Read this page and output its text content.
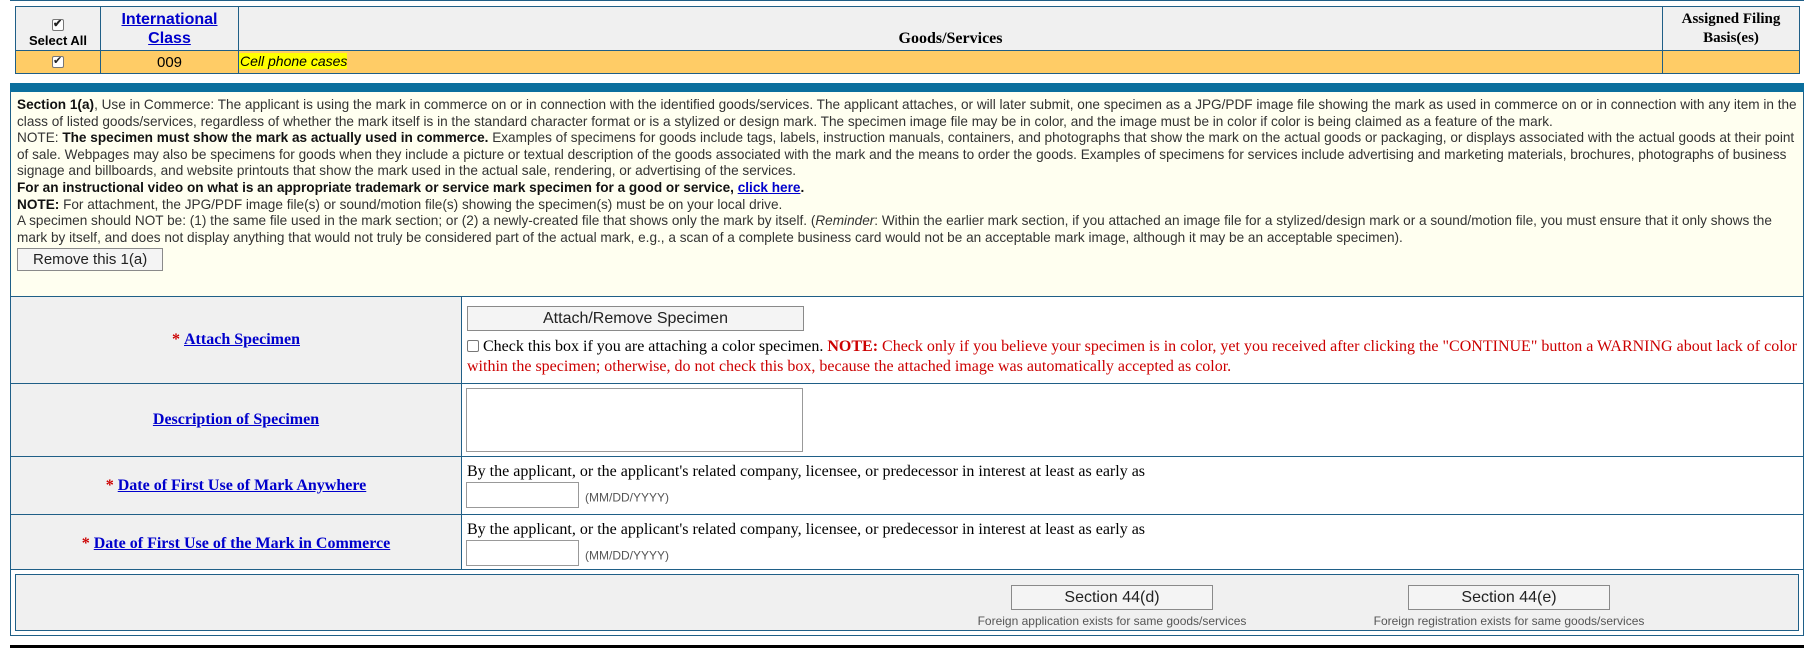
✔
Select All	International Class	Goods/Services	Assigned Filing Basis(es)
✔	009	Cell phone cases	
Section 1(a), Use in Commerce: The applicant is using the mark in commerce on or in connection with the identified goods/services. The applicant attaches, or will later submit, one specimen as a JPG/PDF image file showing the mark as used in commerce on or in connection with any item in the class of listed goods/services, regardless of whether the mark itself is in the standard character format or is a stylized or design mark. The specimen image file may be in color, and the image must be in color if color is being claimed as a feature of the mark.
NOTE: The specimen must show the mark as actually used in commerce. Examples of specimens for goods include tags, labels, instruction manuals, containers, and photographs that show the mark on the actual goods or packaging, or displays associated with the actual goods at their point of sale. Webpages may also be specimens for goods when they include a picture or textual description of the goods associated with the mark and the means to order the goods. Examples of specimens for services include advertising and marketing materials, brochures, photographs of business signage and billboards, and website printouts that show the mark used in the actual sale, rendering, or advertising of the services.
For an instructional video on what is an appropriate trademark or service mark specimen for a good or service, click here.
NOTE: For attachment, the JPG/PDF image file(s) or sound/motion file(s) showing the specimen(s) must be on your local drive.
A specimen should NOT be: (1) the same file used in the mark section; or (2) a newly-created file that shows only the mark by itself. (Reminder: Within the earlier mark section, if you attached an image file for a stylized/design mark or a sound/motion file, you must ensure that it only shows the mark by itself, and does not display anything that would not truly be considered part of the actual mark, e.g., a scan of a complete business card would not be an acceptable mark image, although it may be an acceptable specimen).
Remove this 1(a)
* Attach Specimen	Attach/Remove Specimen
Check this box if you are attaching a color specimen. NOTE: Check only if you believe your specimen is in color, yet you received after clicking the "CONTINUE" button a WARNING about lack of color within the specimen; otherwise, do not check this box, because the attached image was automatically accepted as color.

Description of Specimen	

* Date of First Use of Mark Anywhere	By the applicant, or the applicant's related company, licensee, or predecessor in interest at least as early as
(MM/DD/YYYY)
* Date of First Use of the Mark in Commerce	By the applicant, or the applicant's related company, licensee, or predecessor in interest at least as early as
(MM/DD/YYYY)
Section 44(d)
Foreign application exists for same goods/services
Section 44(e)
Foreign registration exists for same goods/services
